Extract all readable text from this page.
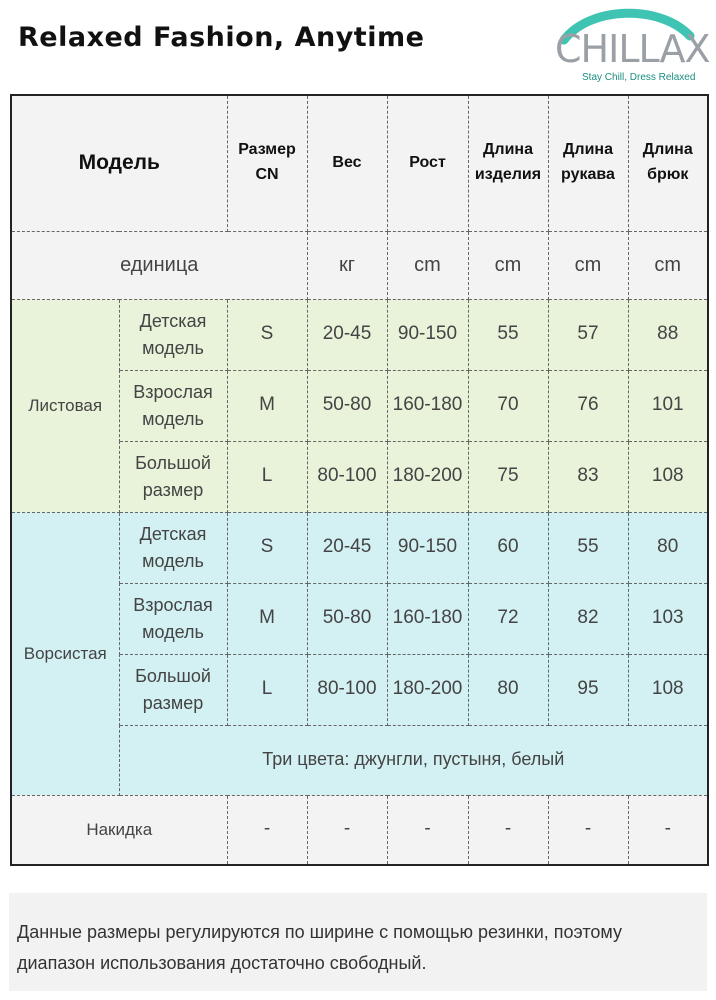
Relaxed Fashion, Anytime	CHILLAX
Stay Chill, Dress Relaxed
Модель		Размер CN	Вес	Рост	Длина изделия	Длина рукава	Длина брюк
единица			кг	cm	cm	cm	cm
Листовая	Детская модель	S	20-45	90-150	55	57	88
	Взрослая модель	M	50-80	160-180	70	76	101
	Большой размер	L	80-100	180-200	75	83	108
Ворсистая	Детская модель	S	20-45	90-150	60	55	80
	Взрослая модель	M	50-80	160-180	72	82	103
	Большой размер	L	80-100	180-200	80	95	108
	Три цвета: джунгли, пустыня, белый						
Накидка		-	-	-	-	-	-
Данные размеры регулируются по ширине с помощью резинки, поэтому диапазон использования достаточно свободный.
